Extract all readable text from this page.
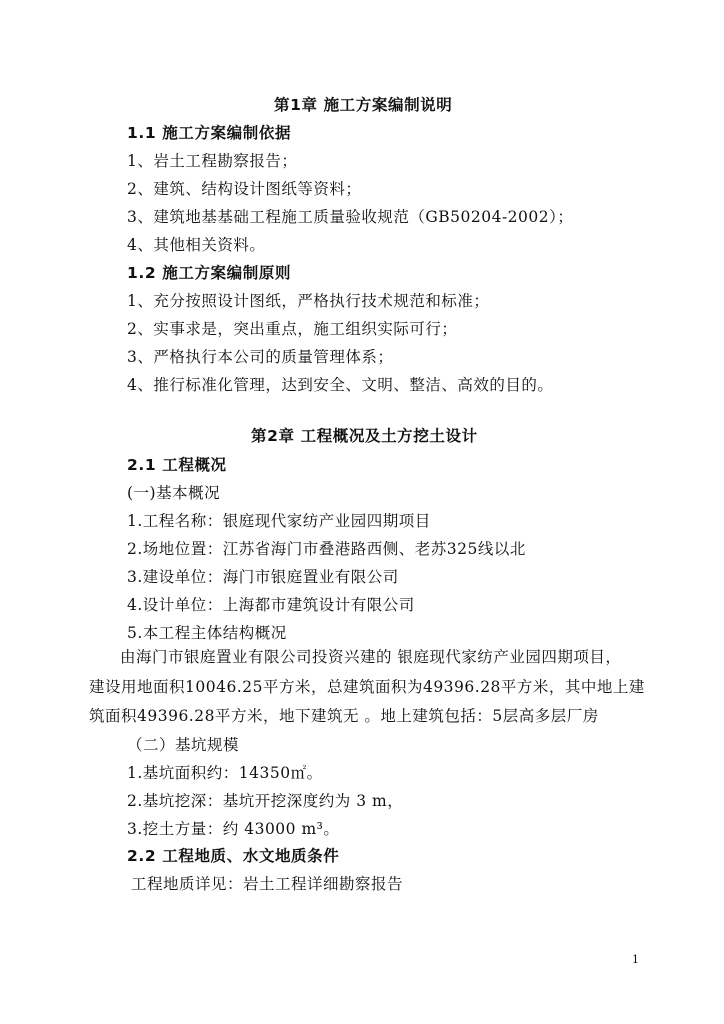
第1章 施工方案编制说明
1.1 施工方案编制依据
1、岩土工程勘察报告；
2、建筑、结构设计图纸等资料；
3、建筑地基基础工程施工质量验收规范（GB50204-2002）；
4、其他相关资料。
1.2 施工方案编制原则
1、充分按照设计图纸，严格执行技术规范和标准；
2、实事求是，突出重点，施工组织实际可行；
3、严格执行本公司的质量管理体系；
4、推行标准化管理，达到安全、文明、整洁、高效的目的。
第2章 工程概况及土方挖土设计
2.1 工程概况
(一)基本概况
1.工程名称：银庭现代家纺产业园四期项目
2.场地位置：江苏省海门市叠港路西侧、老苏325线以北
3.建设单位：海门市银庭置业有限公司
4.设计单位：上海都市建筑设计有限公司
5.本工程主体结构概况
由海门市银庭置业有限公司投资兴建的 银庭现代家纺产业园四期项目，
建设用地面积10046.25平方米，总建筑面积为49396.28平方米，其中地上建
筑面积49396.28平方米，地下建筑无 。地上建筑包括：5层高多层厂房
（二）基坑规模
1.基坑面积约：14350㎡。
2.基坑挖深：基坑开挖深度约为 3 m，
3.挖土方量：约 43000 m³。
2.2 工程地质、水文地质条件
工程地质详见：岩土工程详细勘察报告
1
